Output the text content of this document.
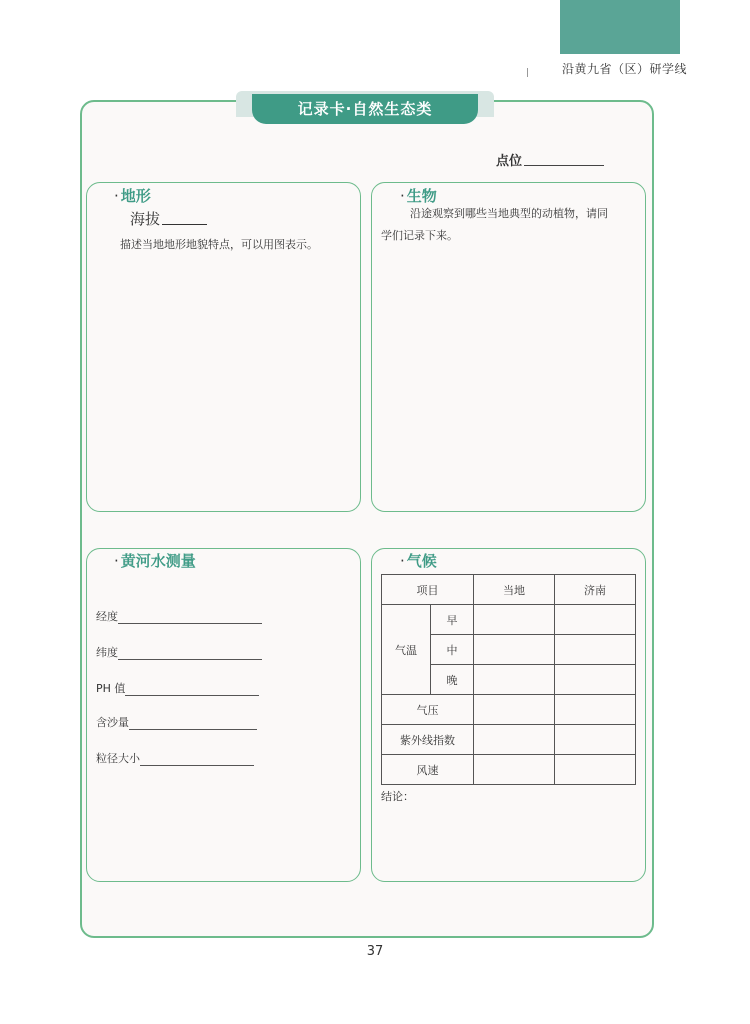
沿黄九省（区）研学线
记录卡·自然生态类
点位
· 地形
海拔
描述当地地形地貌特点，可以用图表示。
· 生物
沿途观察到哪些当地典型的动植物，请同
学们记录下来。
· 黄河水测量
经度
纬度
PH 值
含沙量
粒径大小
· 气候
项目		当地	济南
气温	早		
	中		
	晚		
气压			
紫外线指数			
风速			
结论：
37
